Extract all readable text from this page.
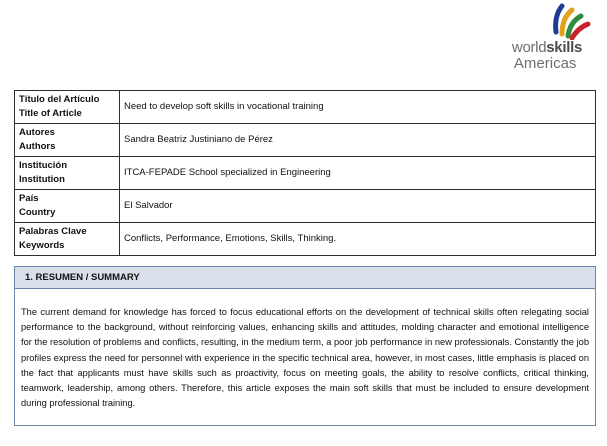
worldskills
Americas
Título del Artículo
Title of Article	Need to develop soft skills in vocational training

Autores
Authors	Sandra Beatriz Justiniano de Pérez

Institución
Institution	ITCA-FEPADE School specialized in Engineering

País
Country	El Salvador

Palabras Clave
Keywords	Conflicts, Performance, Emotions, Skills, Thinking.
1. RESUMEN / SUMMARY
The current demand for knowledge has forced to focus educational efforts on the development of technical skills often relegating social performance to the background, without reinforcing values, enhancing skills and attitudes, molding character and emotional intelligence for the resolution of problems and conflicts, resulting, in the medium term, a poor job performance in new professionals. Constantly the job profiles express the need for personnel with experience in the specific technical area, however, in most cases, little emphasis is placed on the fact that applicants must have skills such as proactivity, focus on meeting goals, the ability to resolve conflicts, critical thinking, teamwork, leadership, among others. Therefore, this article exposes the main soft skills that must be included to ensure development during professional training.
